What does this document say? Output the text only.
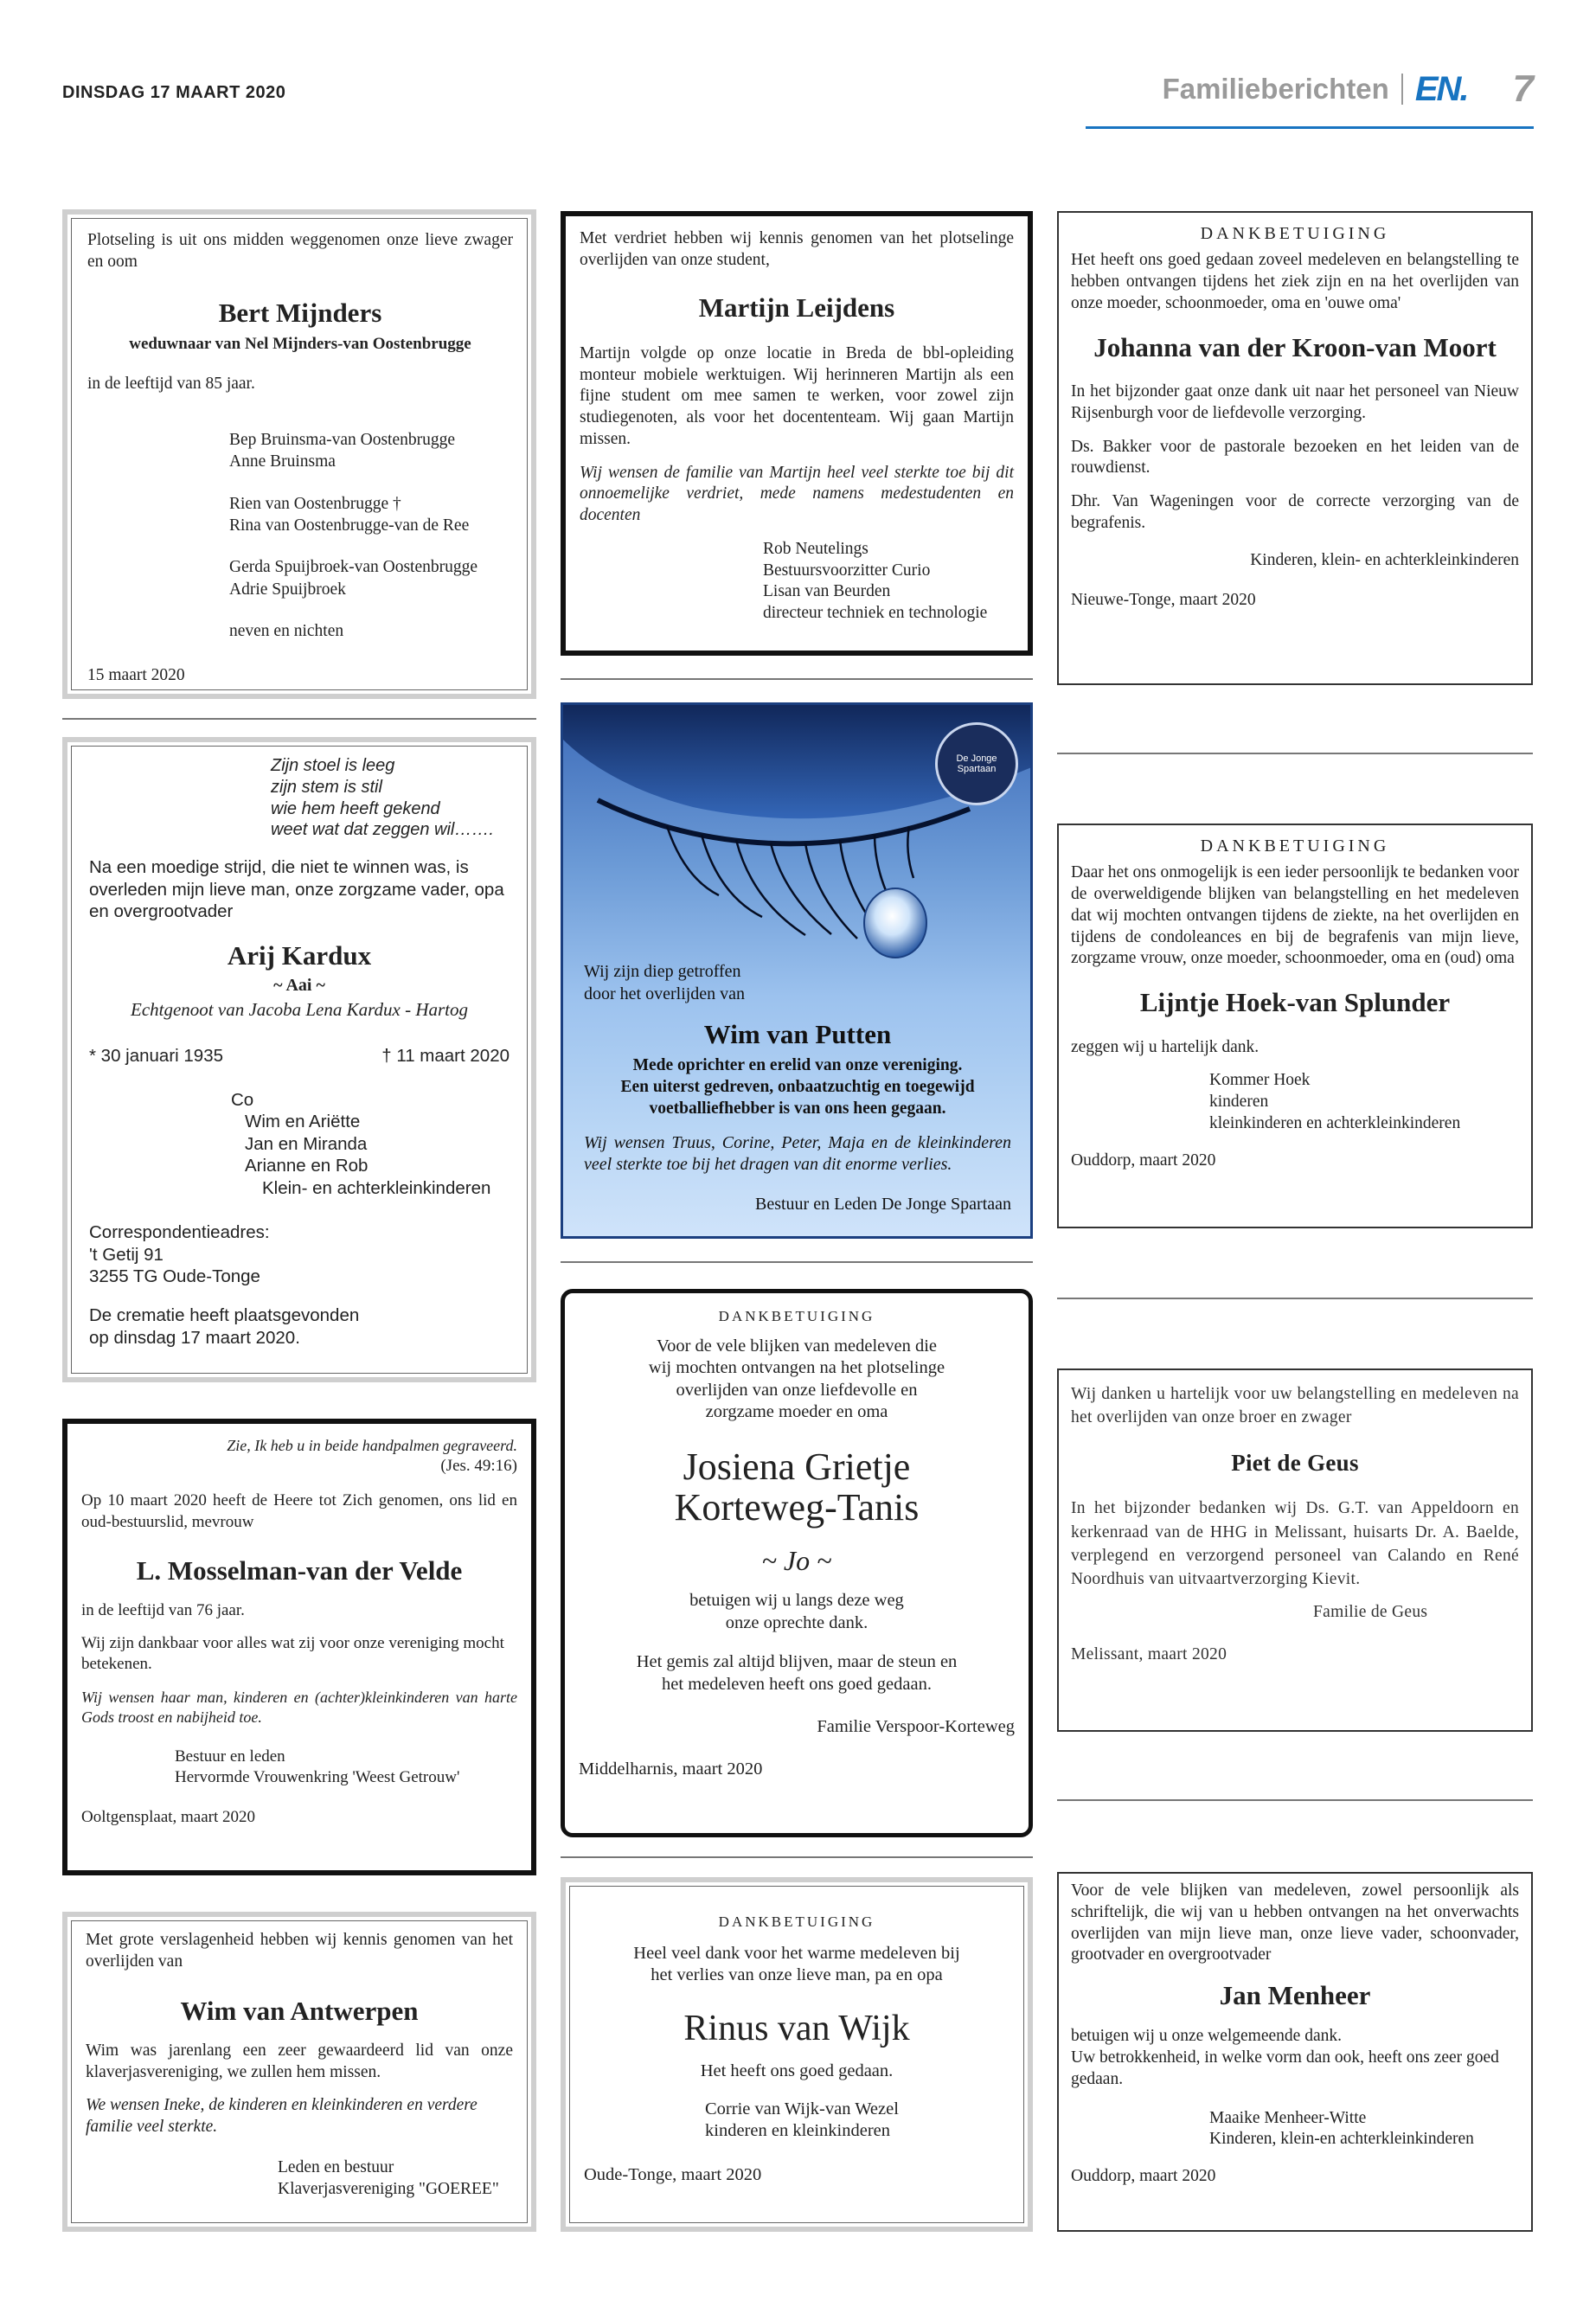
DINSDAG 17 MAART 2020	Familieberichten EN. 7

Plotseling is uit ons midden weggenomen onze lieve zwager en oom

Bert Mijnders
weduwnaar van Nel Mijnders-van Oostenbrugge

in de leeftijd van 85 jaar.

Bep Bruinsma-van Oostenbrugge
Anne Bruinsma
Rien van Oostenbrugge †
Rina van Oostenbrugge-van de Ree
Gerda Spuijbroek-van Oostenbrugge
Adrie Spuijbroek
neven en nichten
15 maart 2020
Zijn stoel is leeg
zijn stem is stil
wie hem heeft gekend
weet wat dat zeggen wil…….

Na een moedige strijd, die niet te winnen was, is overleden mijn lieve man, onze zorgzame vader, opa en overgrootvader

Arij Kardux
~ Aai ~
Echtgenoot van Jacoba Lena Kardux - Hartog
* 30 januari 1935	† 11 maart 2020
Co
Wim en Ariëtte
Jan en Miranda
Arianne en Rob
Klein- en achterkleinkinderen
Correspondentieadres:
't Getij 91
3255 TG Oude-Tonge
De crematie heeft plaatsgevonden
op dinsdag 17 maart 2020.
Zie, Ik heb u in beide handpalmen gegraveerd.
(Jes. 49:16)

Op 10 maart 2020 heeft de Heere tot Zich genomen, ons lid en oud-bestuurslid, mevrouw

L. Mosselman-van der Velde

in de leeftijd van 76 jaar.

Wij zijn dankbaar voor alles wat zij voor onze vereniging mocht betekenen.

Wij wensen haar man, kinderen en (achter)kleinkinderen van harte Gods troost en nabijheid toe.

Bestuur en leden
Hervormde Vrouwenkring 'Weest Getrouw'
Ooltgensplaat, maart 2020

Met grote verslagenheid hebben wij kennis genomen van het overlijden van

Wim van Antwerpen

Wim was jarenlang een zeer gewaardeerd lid van onze klaverjasvereniging, we zullen hem missen.

We wensen Ineke, de kinderen en kleinkinderen en verdere familie veel sterkte.

Leden en bestuur
Klaverjasvereniging "GOEREE"

Met verdriet hebben wij kennis genomen van het plotselinge overlijden van onze student,

Martijn Leijdens

Martijn volgde op onze locatie in Breda de bbl-opleiding monteur mobiele werktuigen. Wij herinneren Martijn als een fijne student om mee samen te werken, voor zowel zijn studiegenoten, als voor het docententeam. Wij gaan Martijn missen.

Wij wensen de familie van Martijn heel veel sterkte toe bij dit onnoemelijke verdriet, mede namens medestudenten en docenten

Rob Neutelings
Bestuursvoorzitter Curio
Lisan van Beurden
directeur techniek en technologie
De Jonge Spartaan
Wij zijn diep getroffen
door het overlijden van
Wim van Putten
Mede oprichter en erelid van onze vereniging.
Een uiterst gedreven, onbaatzuchtig en toegewijd
voetballiefhebber is van ons heen gegaan.

Wij wensen Truus, Corine, Peter, Maja en de kleinkinderen veel sterkte toe bij het dragen van dit enorme verlies.

Bestuur en Leden De Jonge Spartaan
DANKBETUIGING
Voor de vele blijken van medeleven die
wij mochten ontvangen na het plotselinge
overlijden van onze liefdevolle en
zorgzame moeder en oma
Josiena Grietje
Korteweg-Tanis
~ Jo ~
betuigen wij u langs deze weg
onze oprechte dank.
Het gemis zal altijd blijven, maar de steun en
het medeleven heeft ons goed gedaan.
Familie Verspoor-Korteweg
Middelharnis, maart 2020
DANKBETUIGING
Heel veel dank voor het warme medeleven bij
het verlies van onze lieve man, pa en opa
Rinus van Wijk
Het heeft ons goed gedaan.
Corrie van Wijk-van Wezel
kinderen en kleinkinderen
Oude-Tonge, maart 2020
DANKBETUIGING

Het heeft ons goed gedaan zoveel medeleven en belangstelling te hebben ontvangen tijdens het ziek zijn en na het overlijden van onze moeder, schoonmoeder, oma en 'ouwe oma'

Johanna van der Kroon-van Moort

In het bijzonder gaat onze dank uit naar het personeel van Nieuw Rijsenburgh voor de liefdevolle verzorging.

Ds. Bakker voor de pastorale bezoeken en het leiden van de rouwdienst.

Dhr. Van Wageningen voor de correcte verzorging van de begrafenis.

Kinderen, klein- en achterkleinkinderen
Nieuwe-Tonge, maart 2020
DANKBETUIGING

Daar het ons onmogelijk is een ieder persoonlijk te bedanken voor de overweldigende blijken van belangstelling en het medeleven dat wij mochten ontvangen tijdens de ziekte, na het overlijden en tijdens de condoleances en bij de begrafenis van mijn lieve, zorgzame vrouw, onze moeder, schoonmoeder, oma en (oud) oma

Lijntje Hoek-van Splunder

zeggen wij u hartelijk dank.

Kommer Hoek
kinderen
kleinkinderen en achterkleinkinderen
Ouddorp, maart 2020

Wij danken u hartelijk voor uw belangstelling en medeleven na het overlijden van onze broer en zwager

Piet de Geus

In het bijzonder bedanken wij Ds. G.T. van Appeldoorn en kerkenraad van de HHG in Melissant, huisarts Dr. A. Baelde, verplegend en verzorgend personeel van Calando en René Noordhuis van uitvaartverzorging Kievit.

Familie de Geus
Melissant, maart 2020

Voor de vele blijken van medeleven, zowel persoonlijk als schriftelijk, die wij van u hebben ontvangen na het onverwachts overlijden van mijn lieve man, onze lieve vader, schoonvader, grootvader en overgrootvader

Jan Menheer
betuigen wij u onze welgemeende dank.
Uw betrokkenheid, in welke vorm dan ook, heeft ons zeer goed gedaan.
Maaike Menheer-Witte
Kinderen, klein-en achterkleinkinderen
Ouddorp, maart 2020
